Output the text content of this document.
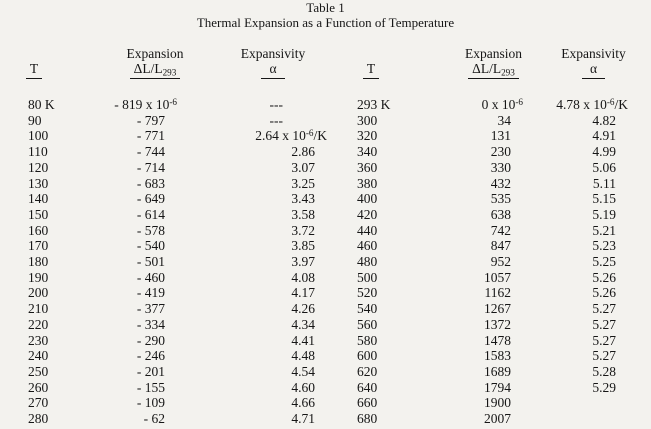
Table 1
Thermal Expansion as a Function of Temperature
	Expansion	Expansivity		Expansion	Expansivity
T	$\Delta L/L_{293}$	α	T	$\Delta L/L_{293}$	α
80 K	- 819 x $10^{-6}$	---	293 K	0 x $10^{-6}$	4.78 x $10^{-6}/K$
90	- 797	---	300	34	4.82
100	- 771	2.64 x $10^{-6}/K$	320	131	4.91
110	- 744	2.86	340	230	4.99
120	- 714	3.07	360	330	5.06
130	- 683	3.25	380	432	5.11
140	- 649	3.43	400	535	5.15
150	- 614	3.58	420	638	5.19
160	- 578	3.72	440	742	5.21
170	- 540	3.85	460	847	5.23
180	- 501	3.97	480	952	5.25
190	- 460	4.08	500	1057	5.26
200	- 419	4.17	520	1162	5.26
210	- 377	4.26	540	1267	5.27
220	- 334	4.34	560	1372	5.27
230	- 290	4.41	580	1478	5.27
240	- 246	4.48	600	1583	5.27
250	- 201	4.54	620	1689	5.28
260	- 155	4.60	640	1794	5.29
270	- 109	4.66	660	1900	
280	- 62	4.71	680	2007	
